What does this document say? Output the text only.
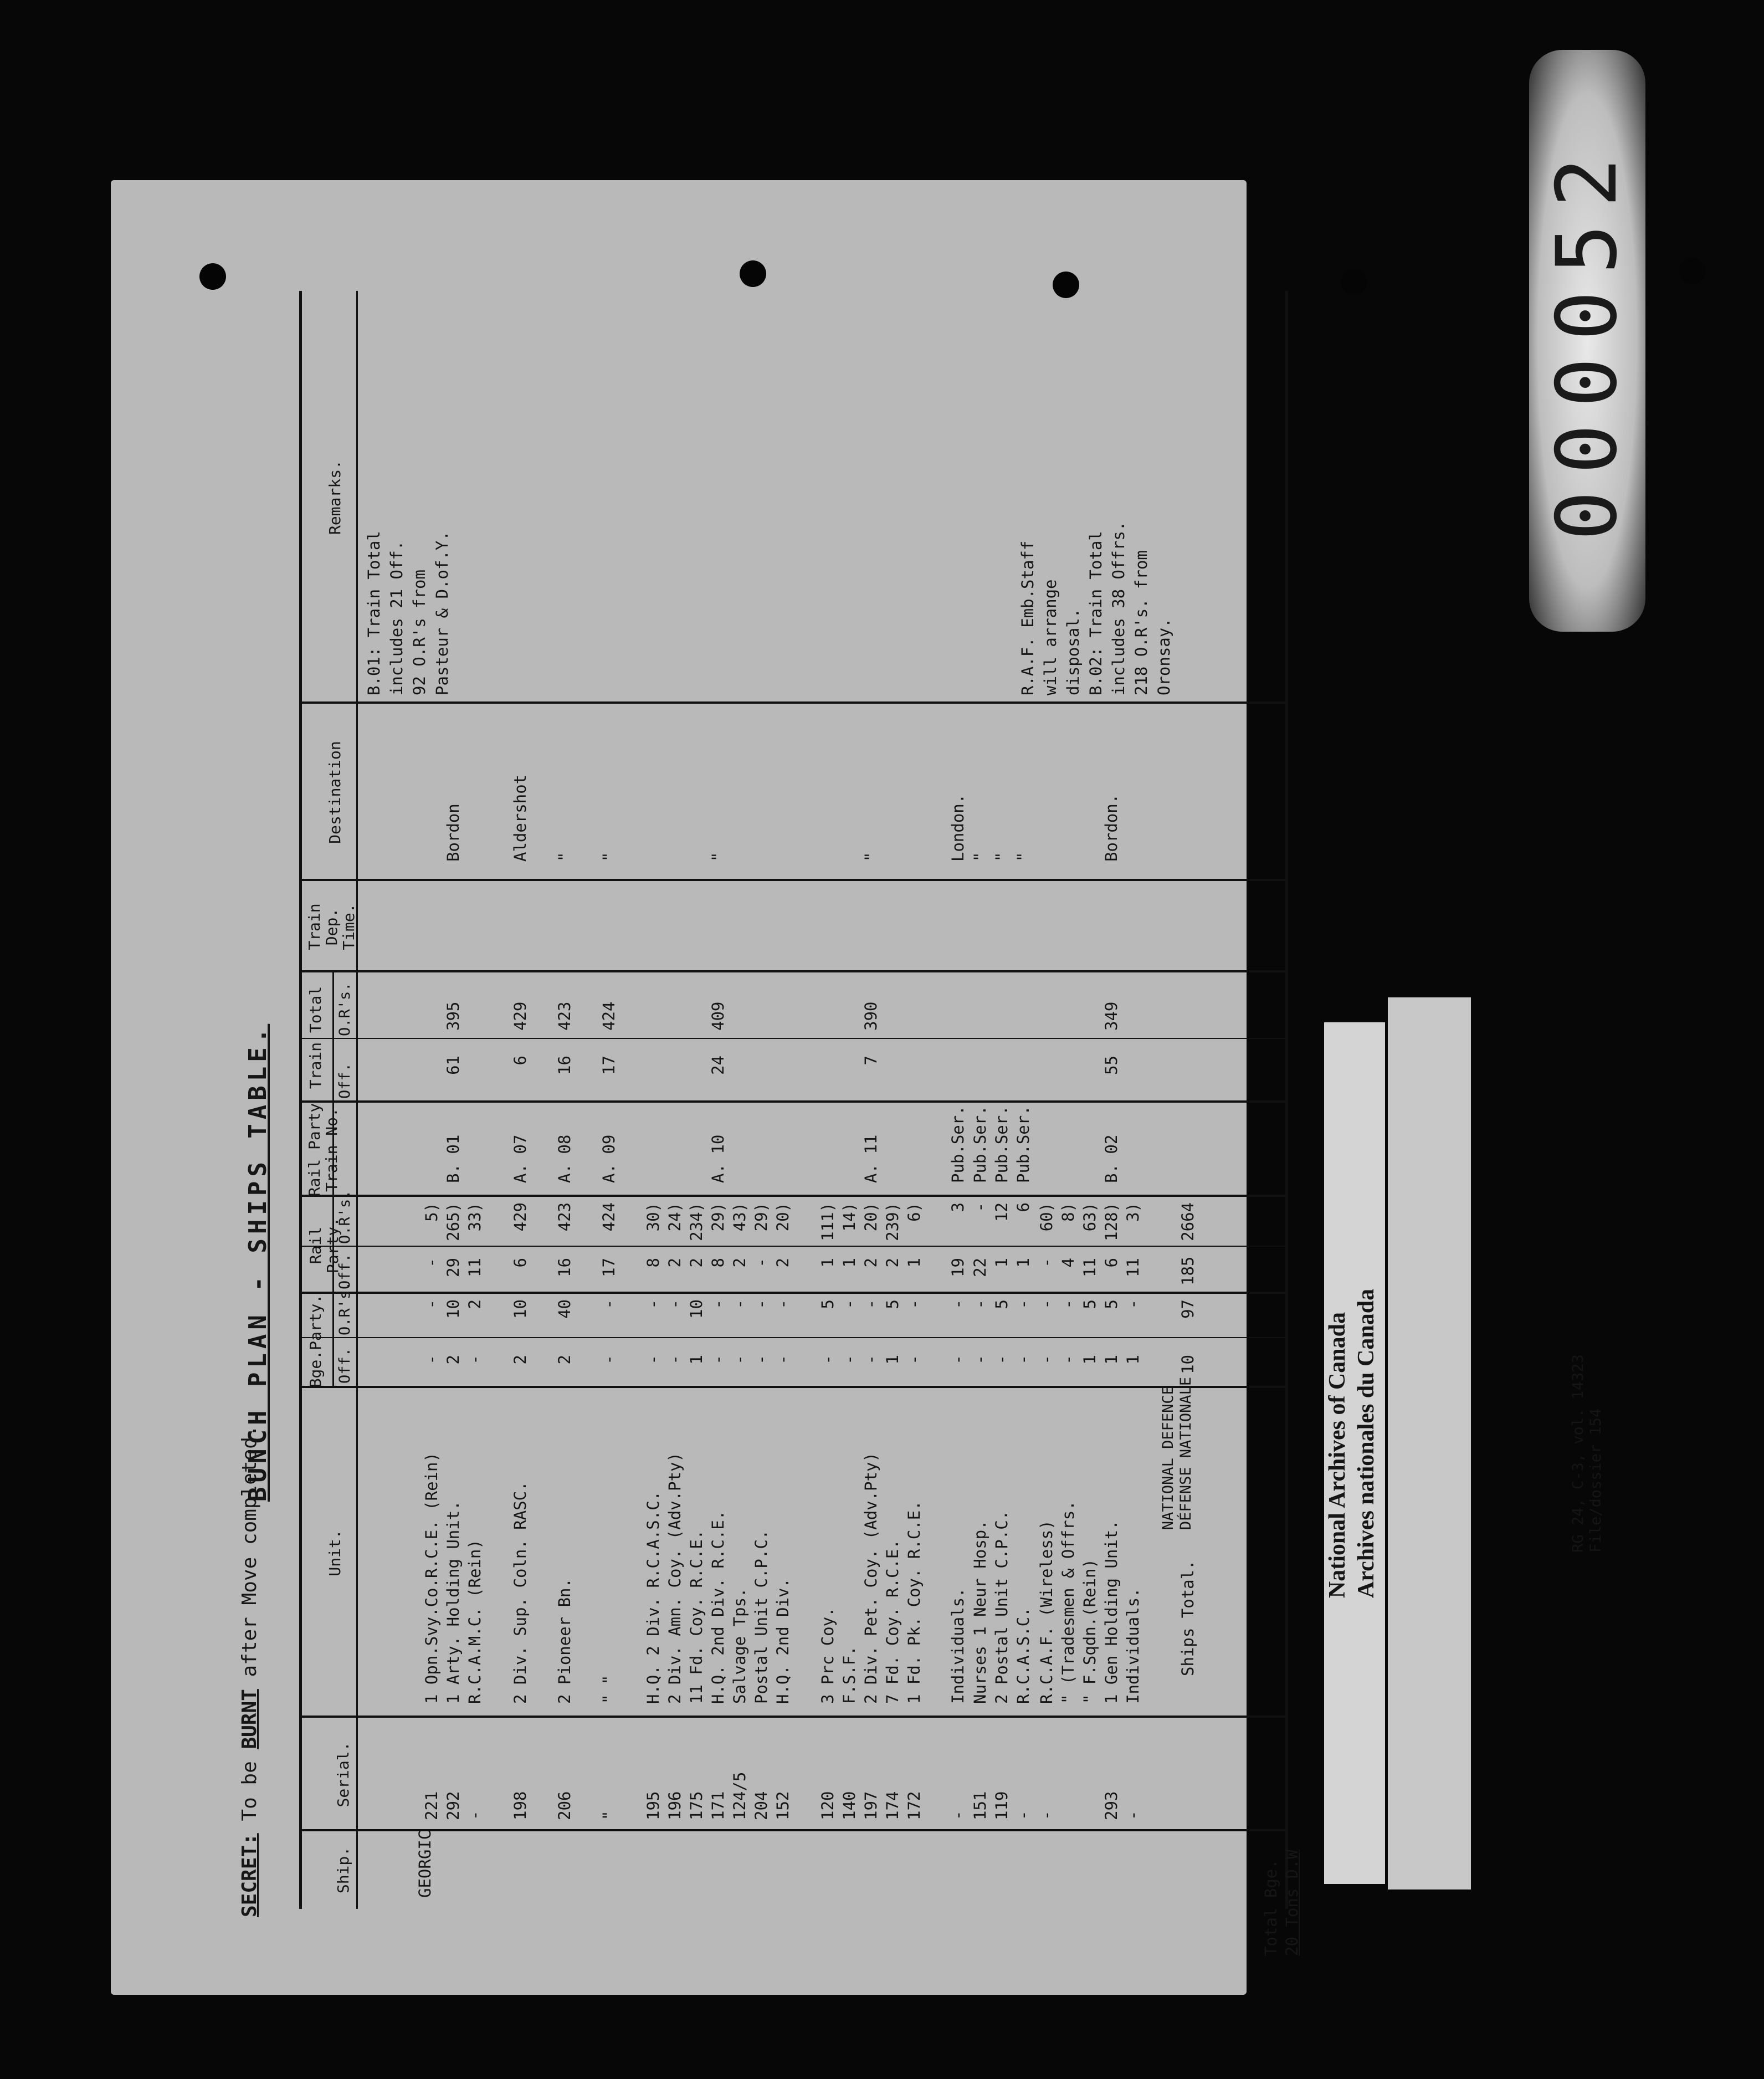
SECRET: To be BURNT after Move completed.
BUNCH PLAN - SHIPS TABLE.
Ship.
Serial.
Unit.
Bge.Party.
Rail Party.
Rail Party Train No.
Train Total
Train Dep. Time.
Destination
Remarks.
Off.
O.R's.
Off.
O.R's.
Off.
O.R's.
GEORGIC
221
1 Opn.Svy.Co.R.C.E. (Rein)
-
-
-
5)
292
1 Arty. Holding Unit.
2
10
29
265)
B. 01
61
395
Bordon
-
R.C.A.M.C. (Rein)
-
2
11
33)
198
2 Div. Sup. Coln. RASC.
2
10
6
429
A. 07
6
429
Aldershot
206
2 Pioneer Bn.
2
40
16
423
A. 08
16
423
"
"
" "
-
-
17
424
A. 09
17
424
"
195
H.Q. 2 Div. R.C.A.S.C.
-
-
8
30)
196
2 Div. Amn. Coy. (Adv.Pty)
-
-
2
24)
175
11 Fd. Coy. R.C.E.
1
10
2
234)
171
H.Q. 2nd Div. R.C.E.
-
-
8
29)
A. 10
24
409
"
124/5
Salvage Tps.
-
-
2
43)
204
Postal Unit C.P.C.
-
-
-
29)
152
H.Q. 2nd Div.
-
-
2
20)
120
3 Prc Coy.
-
5
1
111)
140
F.S.F.
-
-
1
14)
197
2 Div. Pet. Coy. (Adv.Pty)
-
-
2
20)
A. 11
7
390
"
174
7 Fd. Coy. R.C.E.
1
5
2
239)
172
1 Fd. Pk. Coy. R.C.E.
-
-
1
6)
-
Individuals.
-
-
19
3
Pub.Ser.
London.
151
Nurses 1 Neur Hosp.
-
-
22
-
Pub.Ser.
"
119
2 Postal Unit C.P.C.
-
5
1
12
Pub.Ser.
"
-
R.C.A.S.C.
-
-
1
6
Pub.Ser.
"
-
R.C.A.F. (Wireless)
-
-
-
60)
" (Tradesmen & Offrs.
-
-
4
8)
" F.Sqdn.(Rein)
1
5
11
63)
293
1 Gen Holding Unit.
1
5
6
128)
B. 02
55
349
Bordon.
-
Individuals.
1
-
11
3)
Ships Total.
10
97
185
2664
B.01: Train Total includes 21 Off. 92 O.R's from Pasteur & D.of.Y.	R.A.F. Emb.Staff will arrange disposal. B.02: Train Total includes 38 Offrs. 218 O.R's. from Oronsay.
Total Bge. 20 Tons D.W
000052
NATIONAL DEFENCE DÉFENSE NATIONALE	RG 24, C-3, vol. 14323 File/dossier 154
National Archives of Canada Archives nationales du Canada
